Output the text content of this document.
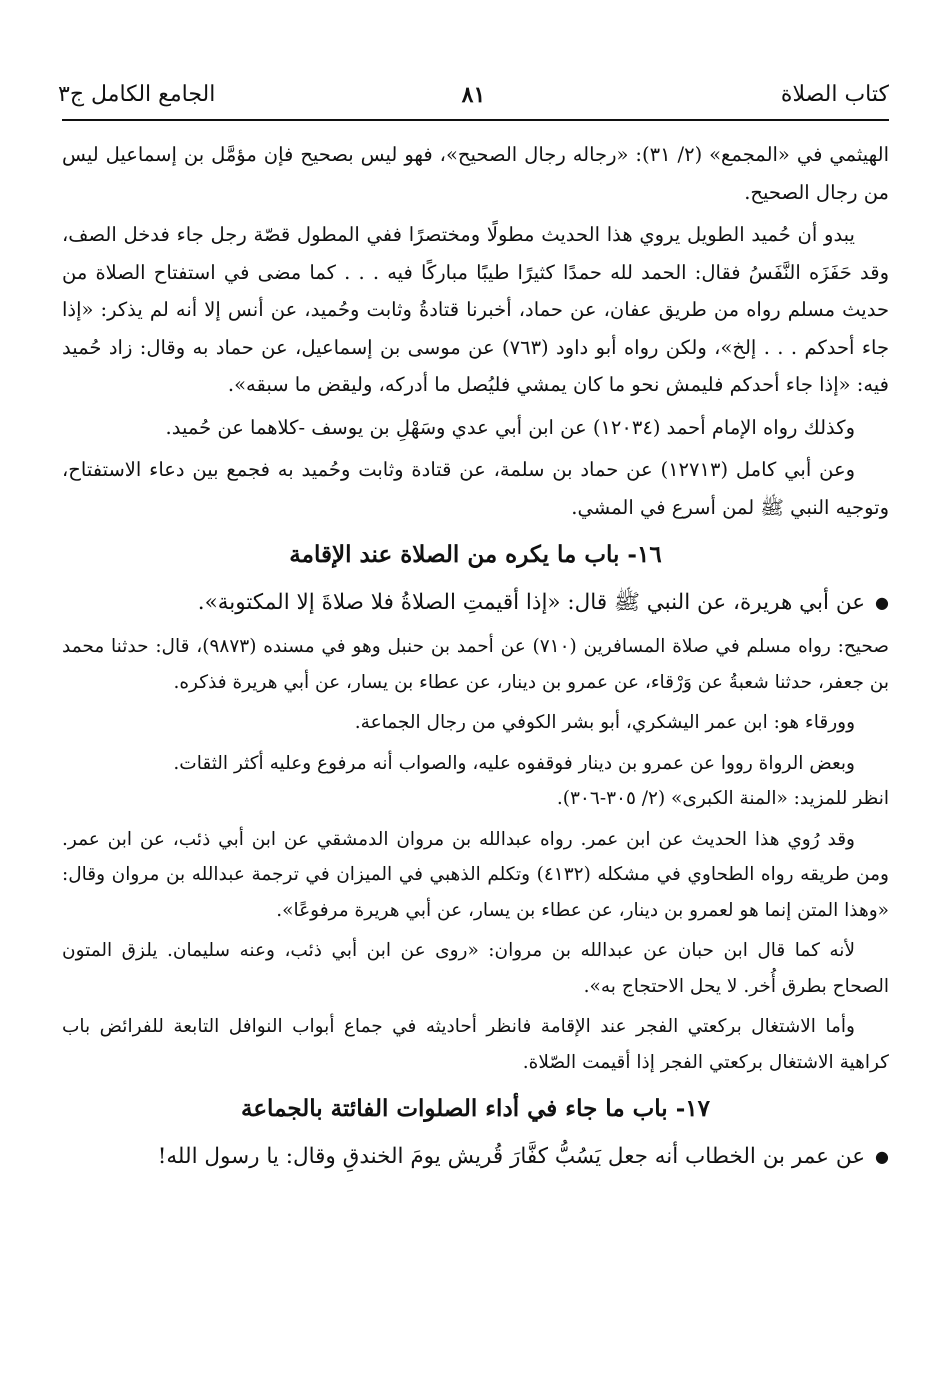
كتاب الصلاة
٨١
الجامع الكامل ج٣

الهيثمي في «المجمع» (٢/ ٣١): «رجاله رجال الصحيح»، فهو ليس بصحيح فإن مؤمَّل بن إسماعيل ليس من رجال الصحيح.

يبدو أن حُميد الطويل يروي هذا الحديث مطولًا ومختصرًا ففي المطول قصّة رجل جاء فدخل الصف، وقد حَفَزَه النَّفَسُ فقال: الحمد لله حمدًا كثيرًا طيبًا مباركًا فيه . . . كما مضى في استفتاح الصلاة من حديث مسلم رواه من طريق عفان، عن حماد، أخبرنا قتادةُ وثابت وحُميد، عن أنس إلا أنه لم يذكر: «إذا جاء أحدكم . . . إلخ»، ولكن رواه أبو داود (٧٦٣) عن موسى بن إسماعيل، عن حماد به وقال: زاد حُميد فيه: «إذا جاء أحدكم فليمش نحو ما كان يمشي فليُصل ما أدركه، وليقض ما سبقه».

وكذلك رواه الإمام أحمد (١٢٠٣٤) عن ابن أبي عدي وسَهْلِ بن يوسف -كلاهما عن حُميد.

وعن أبي كامل (١٢٧١٣) عن حماد بن سلمة، عن قتادة وثابت وحُميد به فجمع بين دعاء الاستفتاح، وتوجيه النبي ﷺ لمن أسرع في المشي.

١٦- باب ما يكره من الصلاة عند الإقامة

●عن أبي هريرة، عن النبي ﷺ قال: «إذا أقيمتِ الصلاةُ فلا صلاةَ إلا المكتوبة».

صحيح: رواه مسلم في صلاة المسافرين (٧١٠) عن أحمد بن حنبل وهو في مسنده (٩٨٧٣)، قال: حدثنا محمد بن جعفر، حدثنا شعبةُ عن وَرْقاء، عن عمرو بن دينار، عن عطاء بن يسار، عن أبي هريرة فذكره.

وورقاء هو: ابن عمر اليشكري، أبو بشر الكوفي من رجال الجماعة.

وبعض الرواة رووا عن عمرو بن دينار فوقفوه عليه، والصواب أنه مرفوع وعليه أكثر الثقات.

انظر للمزيد: «المنة الكبرى» (٢/ ٣٠٥-٣٠٦).

وقد رُوي هذا الحديث عن ابن عمر. رواه عبدالله بن مروان الدمشقي عن ابن أبي ذئب، عن ابن عمر. ومن طريقه رواه الطحاوي في مشكله (٤١٣٢) وتكلم الذهبي في الميزان في ترجمة عبدالله بن مروان وقال: «وهذا المتن إنما هو لعمرو بن دينار، عن عطاء بن يسار، عن أبي هريرة مرفوعًا».

لأنه كما قال ابن حبان عن عبدالله بن مروان: «روى عن ابن أبي ذئب، وعنه سليمان. يلزق المتون الصحاح بطرق أُخر. لا يحل الاحتجاج به».

وأما الاشتغال بركعتي الفجر عند الإقامة فانظر أحاديثه في جماع أبواب النوافل التابعة للفرائض باب كراهية الاشتغال بركعتي الفجر إذا أقيمت الصّلاة.

١٧- باب ما جاء في أداء الصلوات الفائتة بالجماعة

●عن عمر بن الخطاب أنه جعل يَسُبُّ كفَّارَ قُريش يومَ الخندقِ وقال: يا رسول الله!
